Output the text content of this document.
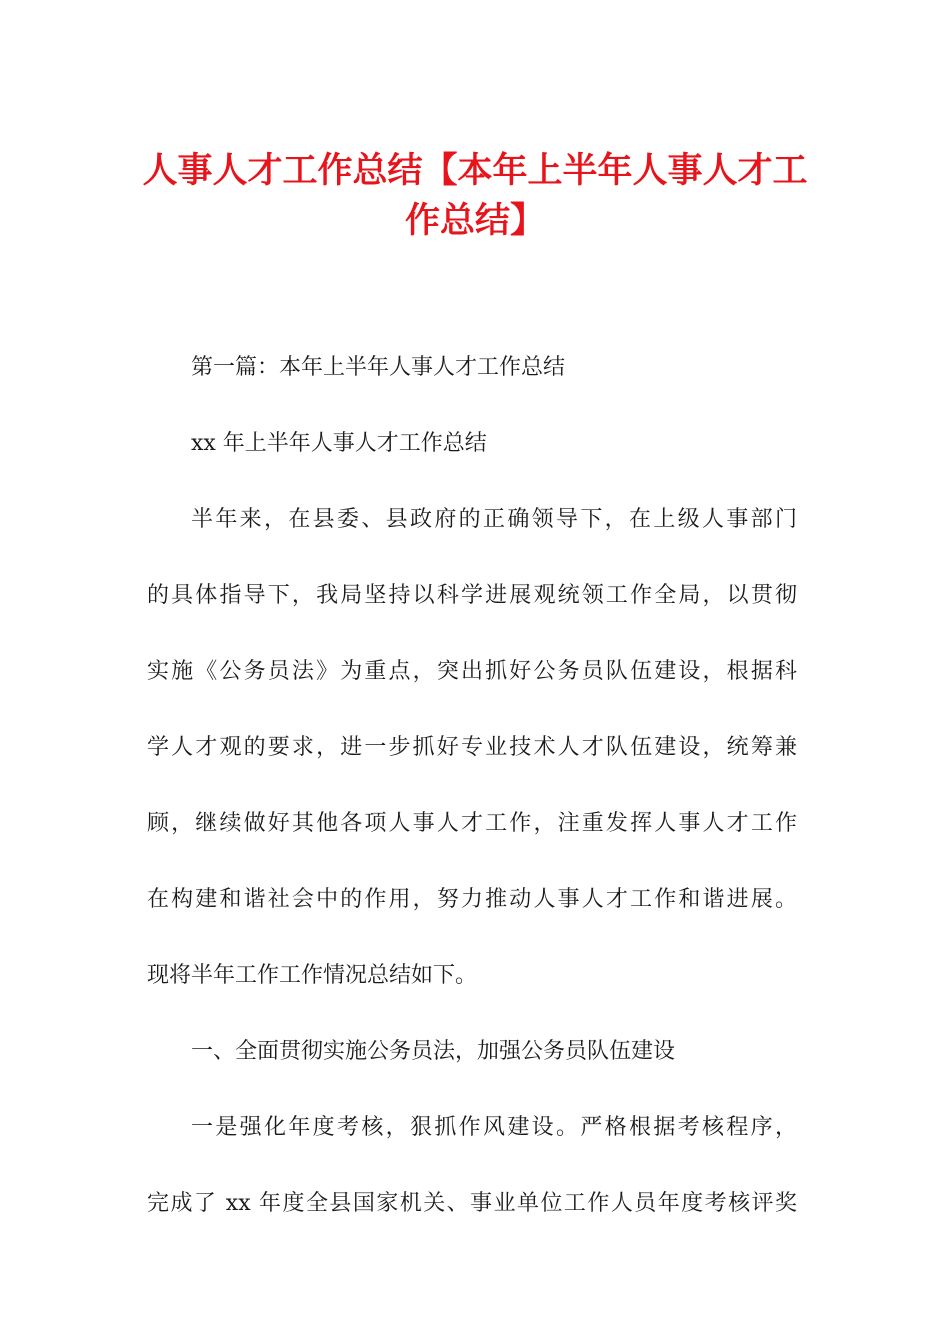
人事人才工作总结【本年上半年人事人才工
作总结】

第一篇：本年上半年人事人才工作总结

xx 年上半年人事人才工作总结

半年来，在县委、县政府的正确领导下，在上级人事部门

的具体指导下，我局坚持以科学进展观统领工作全局，以贯彻

实施《公务员法》为重点，突出抓好公务员队伍建设，根据科

学人才观的要求，进一步抓好专业技术人才队伍建设，统筹兼

顾，继续做好其他各项人事人才工作，注重发挥人事人才工作

在构建和谐社会中的作用，努力推动人事人才工作和谐进展。

现将半年工作工作情况总结如下。

一、全面贯彻实施公务员法，加强公务员队伍建设

一是强化年度考核，狠抓作风建设。严格根据考核程序，

完成了 xx 年度全县国家机关、事业单位工作人员年度考核评奖
